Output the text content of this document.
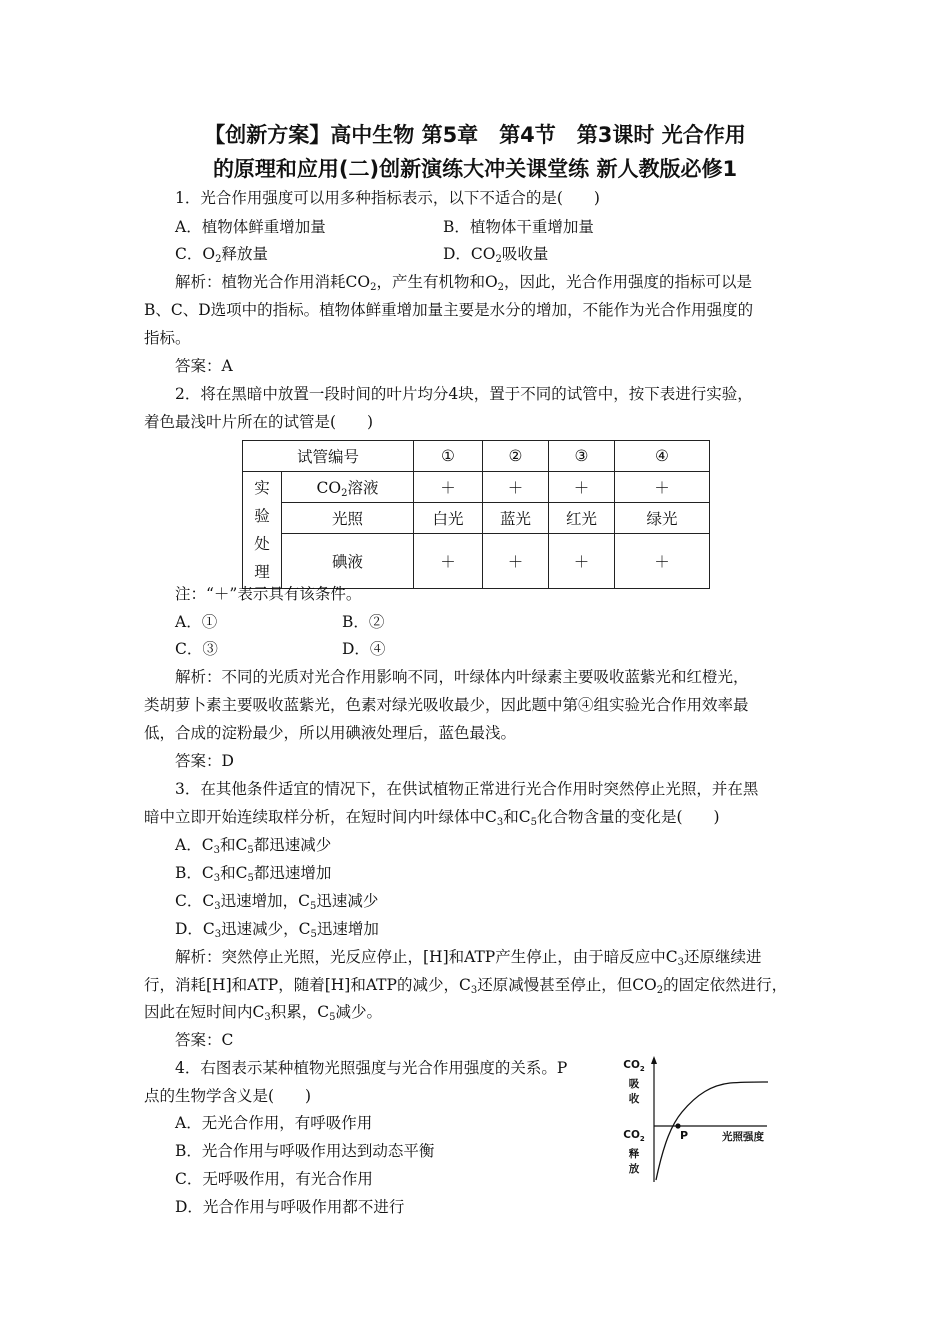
【创新方案】高中生物 第5章　第4节　第3课时 光合作用
的原理和应用(二)创新演练大冲关课堂练 新人教版必修1
1．光合作用强度可以用多种指标表示，以下不适合的是(　　)
A．植物体鲜重增加量	B．植物体干重增加量
C．$O_2$释放量	D．$CO_2$吸收量
解析：植物光合作用消耗$CO_2$，产生有机物和$O_2$，因此，光合作用强度的指标可以是
B、C、D选项中的指标。植物体鲜重增加量主要是水分的增加，不能作为光合作用强度的
指标。
答案：A
2．将在黑暗中放置一段时间的叶片均分4块，置于不同的试管中，按下表进行实验，
着色最浅叶片所在的试管是(　　)
试管编号		①	②	③	④

实
验
处
理	$CO_2$溶液	＋	＋	＋	＋
	光照	白光	蓝光	红光	绿光
	碘液	＋	＋	＋	＋
注：“＋”表示具有该条件。
A．①	B．②
C．③	D．④
解析：不同的光质对光合作用影响不同，叶绿体内叶绿素主要吸收蓝紫光和红橙光，
类胡萝卜素主要吸收蓝紫光，色素对绿光吸收最少，因此题中第④组实验光合作用效率最
低，合成的淀粉最少，所以用碘液处理后，蓝色最浅。
答案：D
3．在其他条件适宜的情况下，在供试植物正常进行光合作用时突然停止光照，并在黑
暗中立即开始连续取样分析，在短时间内叶绿体中$C_3$和$C_5$化合物含量的变化是(　　)
A．$C_3$和$C_5$都迅速减少
B．$C_3$和$C_5$都迅速增加
C．$C_3$迅速增加，$C_5$迅速减少
D．$C_3$迅速减少，$C_5$迅速增加
解析：突然停止光照，光反应停止，[H]和ATP产生停止，由于暗反应中$C_3$还原继续进
行，消耗[H]和ATP，随着[H]和ATP的减少，$C_3$还原减慢甚至停止，但$CO_2$的固定依然进行，
因此在短时间内$C_3$积累，$C_5$减少。
答案：C
4．右图表示某种植物光照强度与光合作用强度的关系。P
点的生物学含义是(　　)
A．无光合作用，有呼吸作用
B．光合作用与呼吸作用达到动态平衡
C．无呼吸作用，有光合作用
D．光合作用与呼吸作用都不进行
$CO_2$
吸
收
$CO_2$
释
放
P	光照强度
